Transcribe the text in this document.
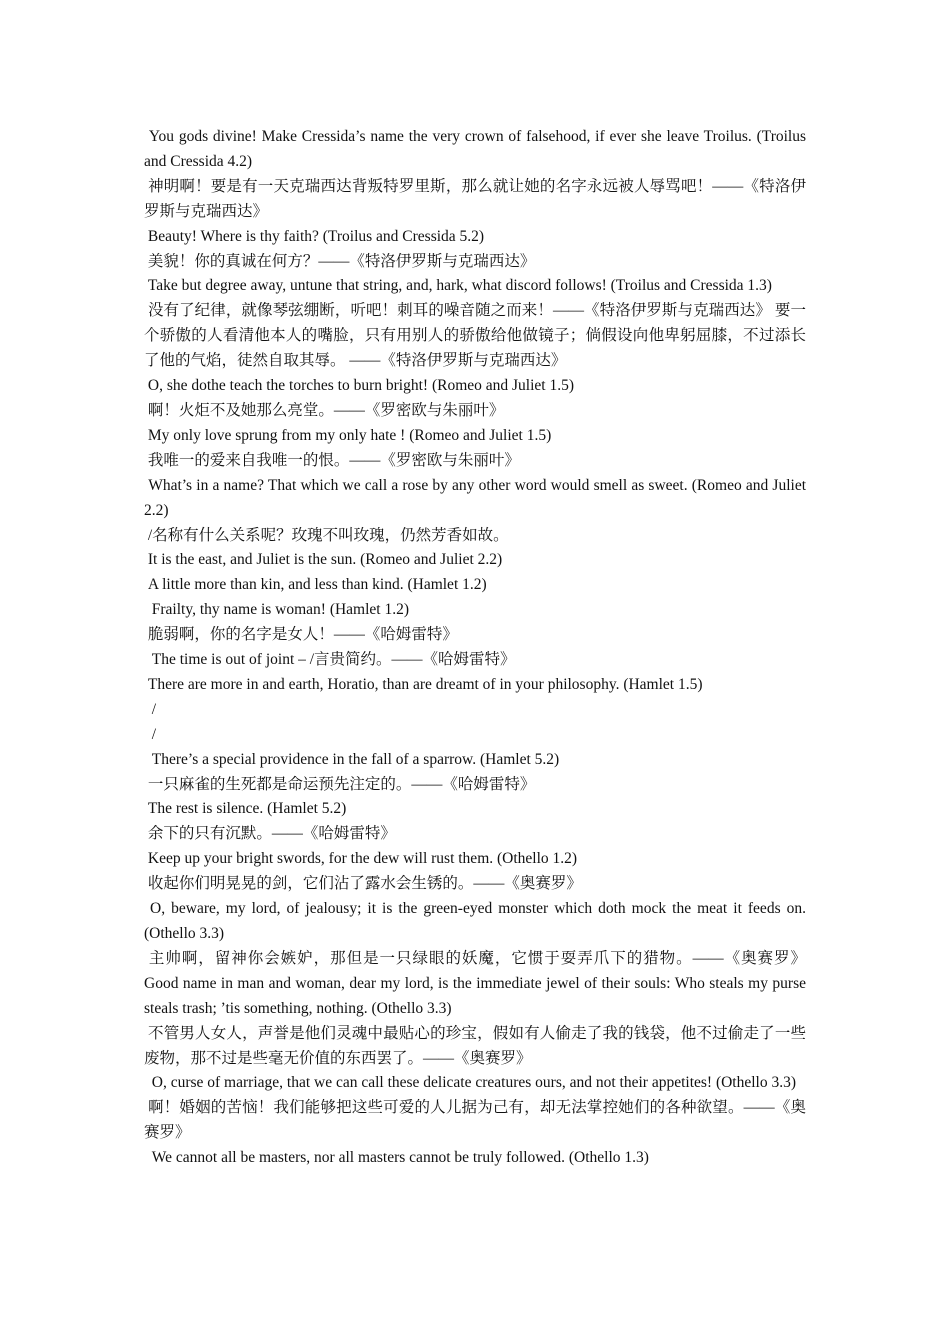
You gods divine! Make Cressida’s name the very crown of falsehood, if ever she leave Troilus. (Troilus and Cressida 4.2)

神明啊！要是有一天克瑞西达背叛特罗里斯，那么就让她的名字永远被人辱骂吧！——《特洛伊罗斯与克瑞西达》

Beauty! Where is thy faith? (Troilus and Cressida 5.2)

美貌！你的真诚在何方？——《特洛伊罗斯与克瑞西达》

Take but degree away, untune that string, and, hark, what discord follows! (Troilus and Cressida 1.3)

没有了纪律，就像琴弦绷断，听吧！刺耳的噪音随之而来！——《特洛伊罗斯与克瑞西达》 要一个骄傲的人看清他本人的嘴脸，只有用别人的骄傲给他做镜子；倘假设向他卑躬屈膝，不过添长了他的气焰，徒然自取其辱。 ——《特洛伊罗斯与克瑞西达》

O, she dothe teach the torches to burn bright! (Romeo and Juliet 1.5)

啊！火炬不及她那么亮堂。——《罗密欧与朱丽叶》

My only love sprung from my only hate ! (Romeo and Juliet 1.5)

我唯一的爱来自我唯一的恨。——《罗密欧与朱丽叶》

What’s in a name? That which we call a rose by any other word would smell as sweet. (Romeo and Juliet 2.2)

/名称有什么关系呢？玫瑰不叫玫瑰，仍然芳香如故。

It is the east, and Juliet is the sun. (Romeo and Juliet 2.2)

A little more than kin, and less than kind. (Hamlet 1.2)

Frailty, thy name is woman! (Hamlet 1.2)

脆弱啊，你的名字是女人！——《哈姆雷特》

The time is out of joint – /言贵简约。——《哈姆雷特》

There are more in and earth, Horatio, than are dreamt of in your philosophy. (Hamlet 1.5)

/

/

There’s a special providence in the fall of a sparrow. (Hamlet 5.2)

一只麻雀的生死都是命运预先注定的。——《哈姆雷特》

The rest is silence. (Hamlet 5.2)

余下的只有沉默。——《哈姆雷特》

Keep up your bright swords, for the dew will rust them. (Othello 1.2)

收起你们明晃晃的剑，它们沾了露水会生锈的。——《奥赛罗》

O, beware, my lord, of jealousy; it is the green-eyed monster which doth mock the meat it feeds on. (Othello 3.3)

主帅啊，留神你会嫉妒，那但是一只绿眼的妖魔，它惯于耍弄爪下的猎物。——《奥赛罗》 Good name in man and woman, dear my lord, is the immediate jewel of their souls: Who steals my purse steals trash; ’tis something, nothing. (Othello 3.3)

不管男人女人，声誉是他们灵魂中最贴心的珍宝，假如有人偷走了我的钱袋，他不过偷走了一些废物，那不过是些毫无价值的东西罢了。——《奥赛罗》

O, curse of marriage, that we can call these delicate creatures ours, and not their appetites! (Othello 3.3)

啊！婚姻的苦恼！我们能够把这些可爱的人儿据为己有，却无法掌控她们的各种欲望。——《奥赛罗》

We cannot all be masters, nor all masters cannot be truly followed. (Othello 1.3)
